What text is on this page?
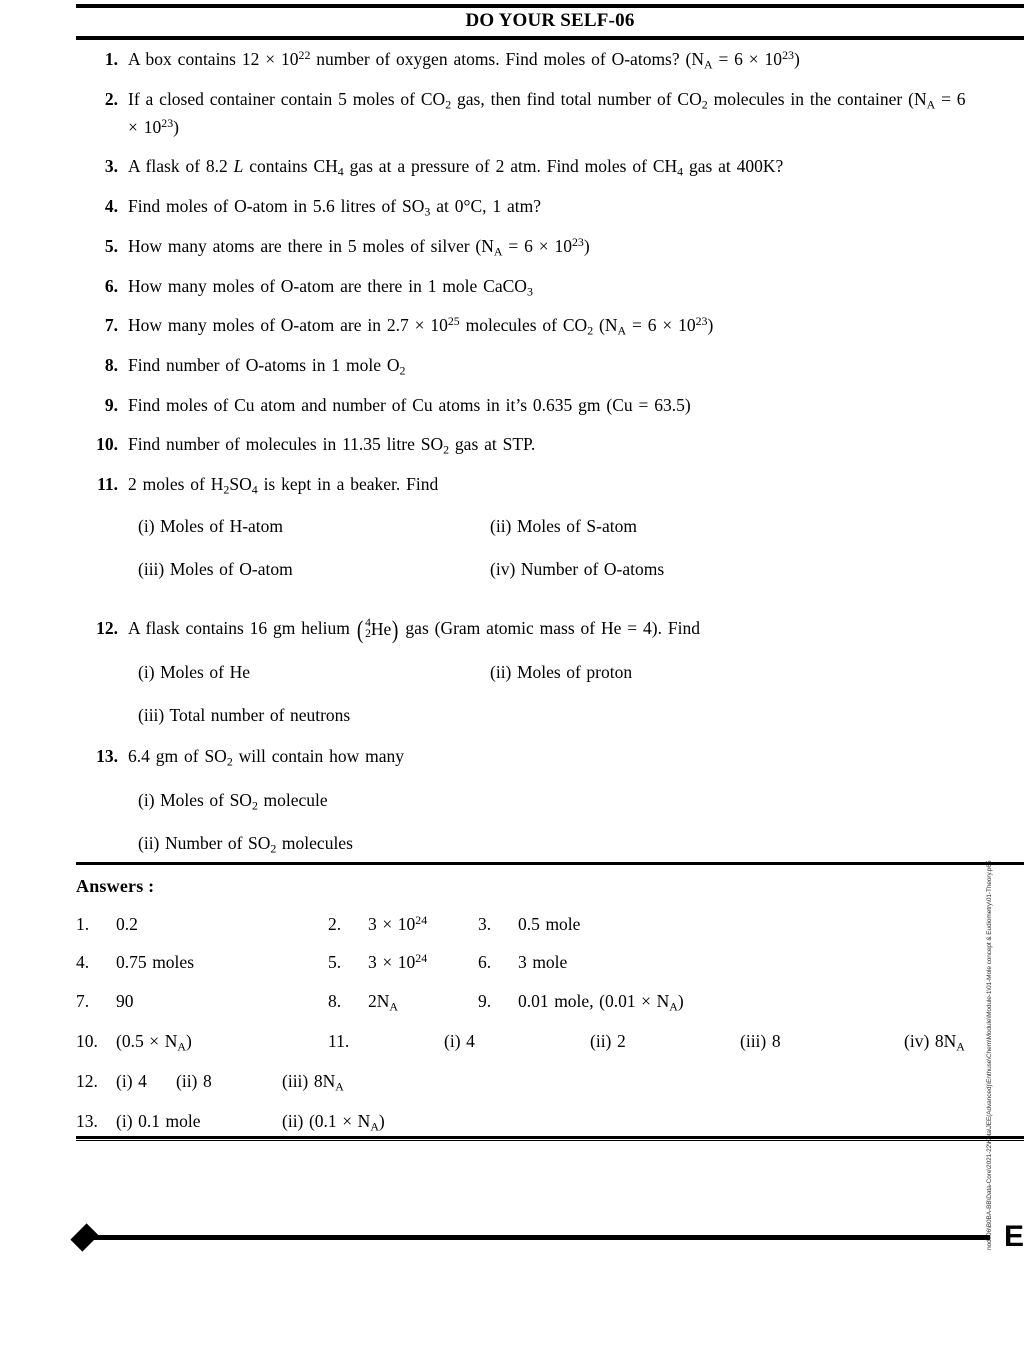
DO YOUR SELF-06
1. A box contains $12 \times 10^{22}$ number of oxygen atoms. Find moles of O-atoms? $(N_A = 6 \times 10^{23})$
2. If a closed container contain 5 moles of $CO_2$ gas, then find total number of $CO_2$ molecules in the container $(N_A = 6 \times 10^{23})$
3. A flask of 8.2 L contains $CH_4$ gas at a pressure of 2 atm. Find moles of $CH_4$ gas at 400K?
4. Find moles of O-atom in 5.6 litres of $SO_3$ at 0°C, 1 atm?
5. How many atoms are there in 5 moles of silver $(N_A = 6 \times 10^{23})$
6. How many moles of O-atom are there in 1 mole CaCO$_3$
7. How many moles of O-atom are in $2.7 \times 10^{25}$ molecules of $CO_2$ $(N_A = 6 \times 10^{23})$
8. Find number of O-atoms in 1 mole $O_2$
9. Find moles of Cu atom and number of Cu atoms in it’s 0.635 gm (Cu = 63.5)
10. Find number of molecules in 11.35 litre $SO_2$ gas at STP.
11. 2 moles of $H_2SO_4$ is kept in a beaker. Find
(i) Moles of H-atom	(ii) Moles of S-atom
(iii) Moles of O-atom	(iv) Number of O-atoms
12. A flask contains 16 gm helium ( 4
2 He) gas (Gram atomic mass of He = 4). Find
(i) Moles of He	(ii) Moles of proton
(iii) Total number of neutrons
13. 6.4 gm of $SO_2$ will contain how many
(i) Moles of $SO_2$ molecule
(ii) Number of $SO_2$ molecules
Answers :
1.	0.2	2.	$3 \times 10^{24}$	3.	0.5 mole
4.	0.75 moles	5.	$3 \times 10^{24}$	6.	3 mole
7.	90	8.	$2N_A$	9.	0.01 mole, $(0.01 \times N_A)$
10.	$(0.5 \times N_A)$	11.	(i) 4	(ii) 2	(iii) 8	(iv) $8N_A$
12.	(i) 4 (ii) 8	(iii) $8N_A$
13.	(i) 0.1 mole	(ii) $(0.1 \times N_A)$
E
node06\B0BA-BB\Data-Core\2021-22\Kota\JEE(Advanced)\Enthuse\Chem\Module\Module-1\01-Mole concept & Eudiometry\01-Theory.p65
